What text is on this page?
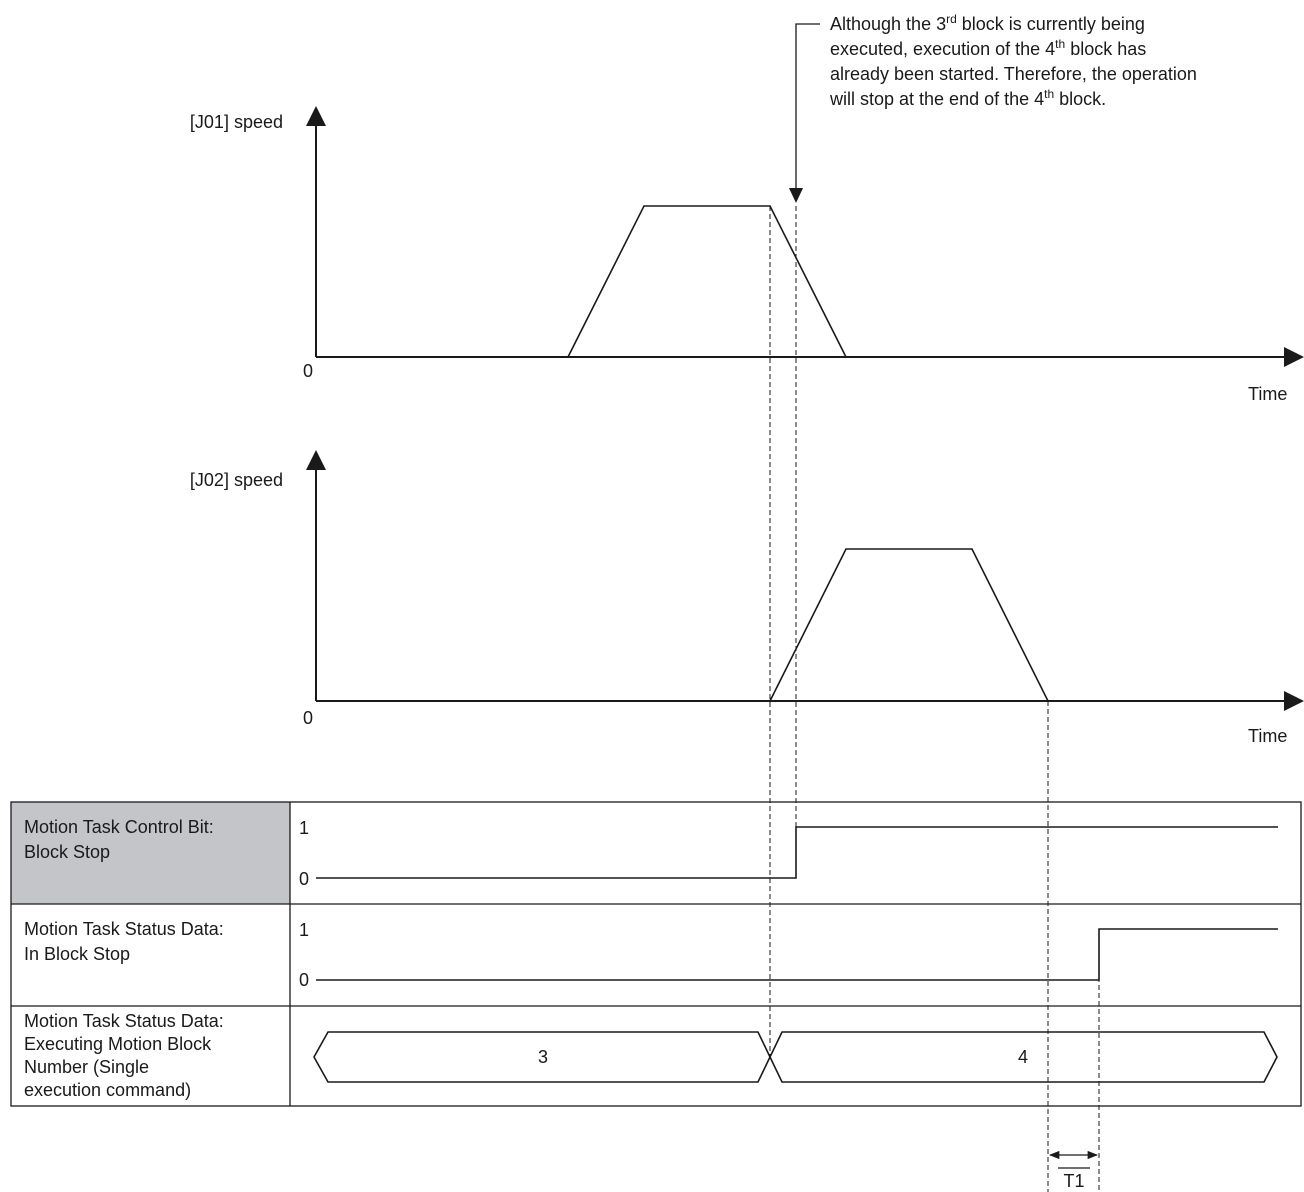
Although the 3rd block is currently being
executed, execution of the 4th block has
already been started. Therefore, the operation
will stop at the end of the 4th block.
[J01] speed
0
Time
[J02] speed
0
Time
Motion Task Control Bit:
Block Stop
1
0
Motion Task Status Data:
In Block Stop
1
0
Motion Task Status Data:
Executing Motion Block
Number (Single
execution command)
3	4
T1
